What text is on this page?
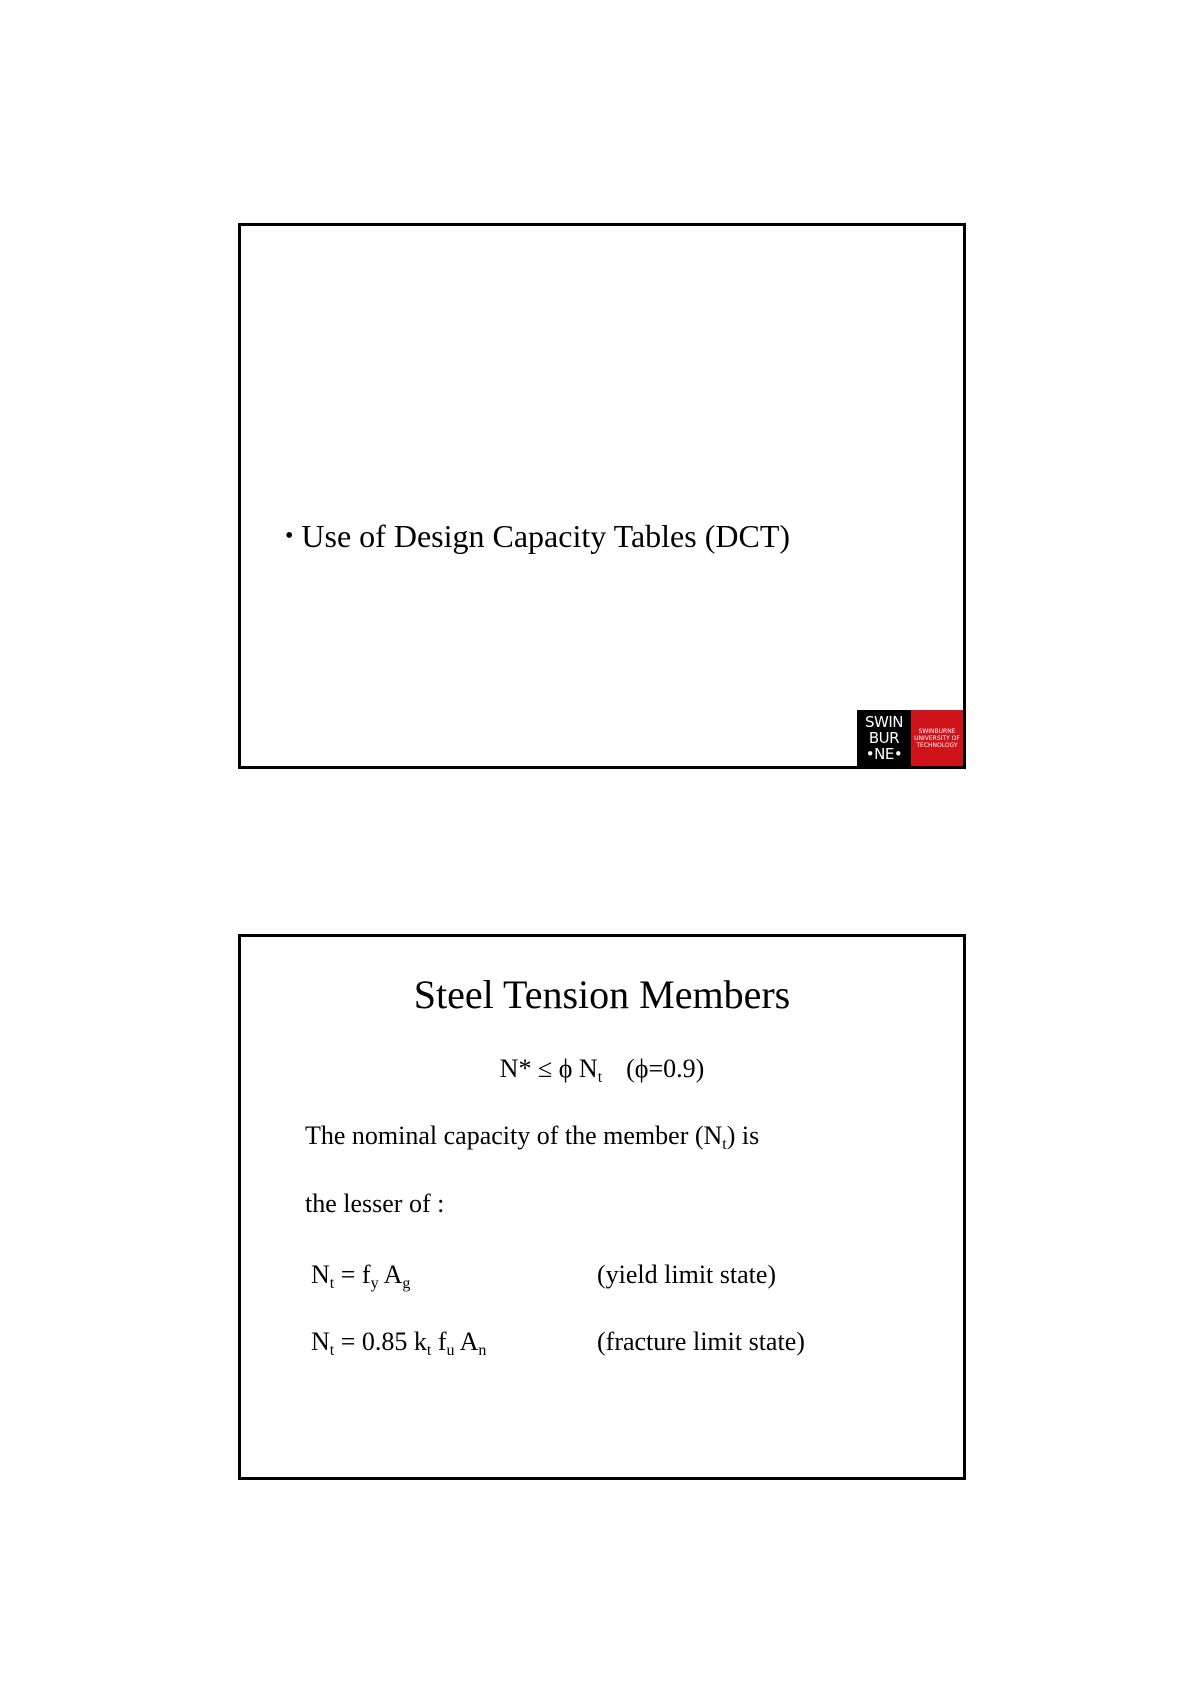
• Use of Design Capacity Tables (DCT)
SWIN
BUR
•NE•
SWINBURNE
UNIVERSITY OF
TECHNOLOGY
Steel Tension Members
N* ≤ ϕ $N_t$ (ϕ=0.9)
The nominal capacity of the member $(N_t)$ is
the lesser of :
$N_t = f_y$ $A_g$	(yield limit state)
$N_t = 0.85$ $k_t$ $f_u$ $A_n$	(fracture limit state)
